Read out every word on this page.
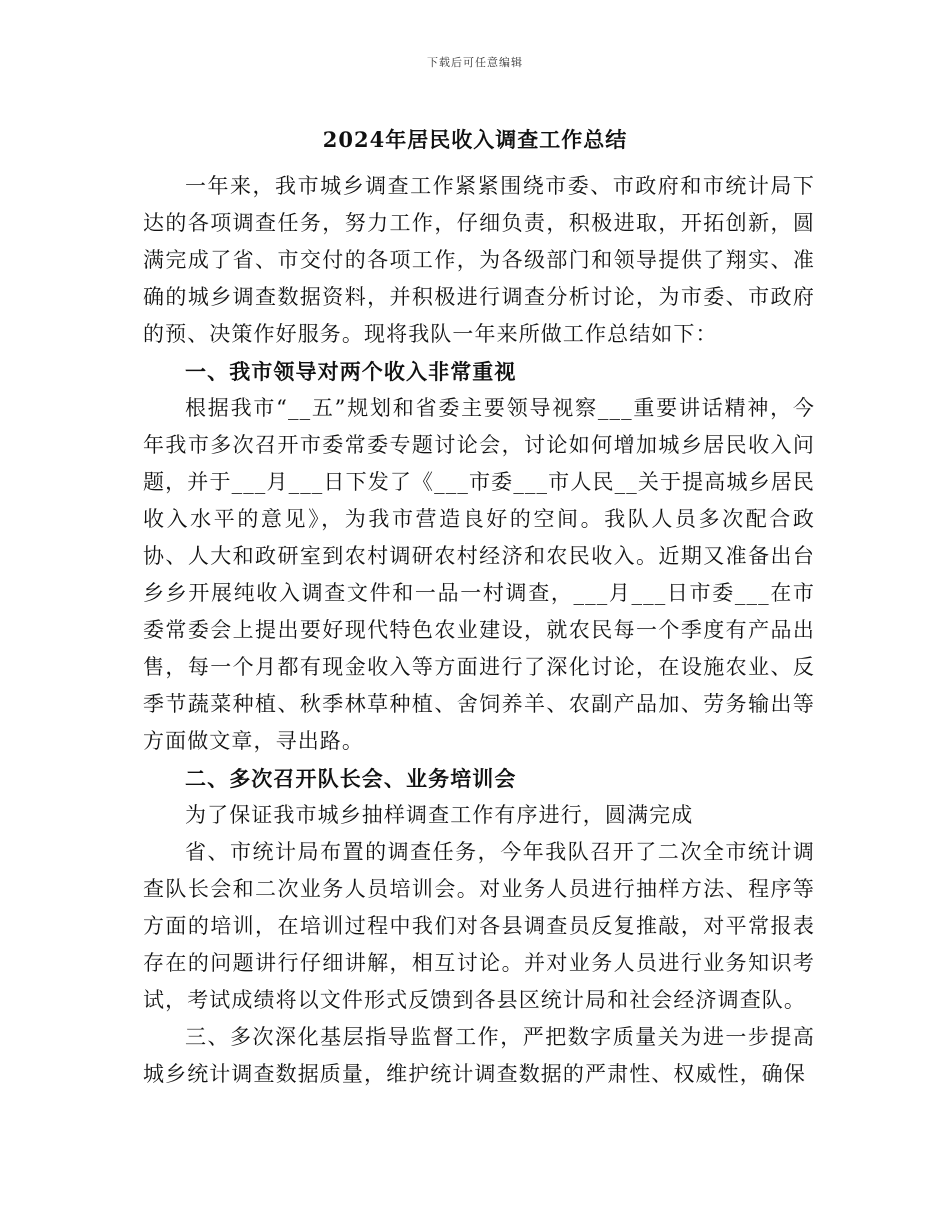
下载后可任意编辑
2024年居民收入调查工作总结

一年来，我市城乡调查工作紧紧围绕市委、市政府和市统计局下达的各项调查任务，努力工作，仔细负责，积极进取，开拓创新，圆满完成了省、市交付的各项工作，为各级部门和领导提供了翔实、准确的城乡调查数据资料，并积极进行调查分析讨论，为市委、市政府的预、决策作好服务。现将我队一年来所做工作总结如下：

一、我市领导对两个收入非常重视

根据我市“__五”规划和省委主要领导视察___重要讲话精神，今年我市多次召开市委常委专题讨论会，讨论如何增加城乡居民收入问题，并于___月___日下发了《___市委___市人民__关于提高城乡居民收入水平的意见》，为我市营造良好的空间。我队人员多次配合政协、人大和政研室到农村调研农村经济和农民收入。近期又准备出台乡乡开展纯收入调查文件和一品一村调查，___月___日市委___在市委常委会上提出要好现代特色农业建设，就农民每一个季度有产品出售，每一个月都有现金收入等方面进行了深化讨论，在设施农业、反季节蔬菜种植、秋季林草种植、舍饲养羊、农副产品加、劳务输出等方面做文章，寻出路。

二、多次召开队长会、业务培训会

为了保证我市城乡抽样调查工作有序进行，圆满完成

省、市统计局布置的调查任务，今年我队召开了二次全市统计调查队长会和二次业务人员培训会。对业务人员进行抽样方法、程序等方面的培训，在培训过程中我们对各县调查员反复推敲，对平常报表存在的问题讲行仔细讲解，相互讨论。并对业务人员进行业务知识考试，考试成绩将以文件形式反馈到各县区统计局和社会经济调查队。

三、多次深化基层指导监督工作，严把数字质量关为进一步提高城乡统计调查数据质量，维护统计调查数据的严肃性、权威性，确保
